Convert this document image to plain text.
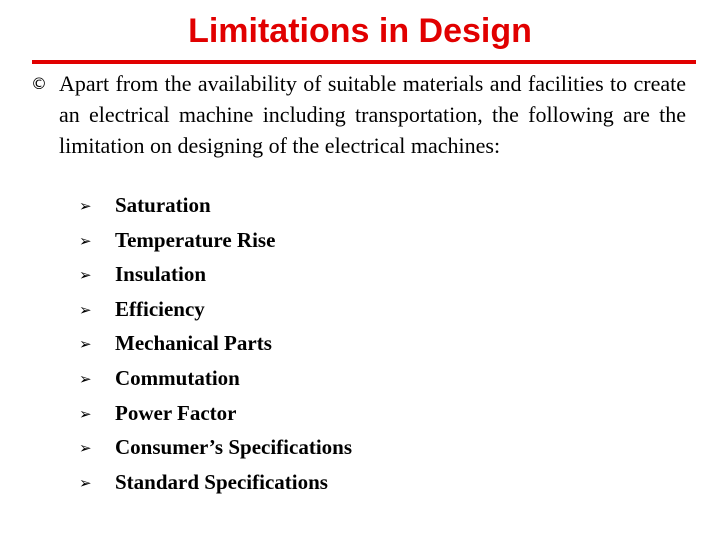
Limitations in Design
© Apart from the availability of suitable materials and facilities to create an electrical machine including transportation, the following are the limitation on designing of the electrical machines:

➢ Saturation
➢ Temperature Rise
➢ Insulation
➢ Efficiency
➢ Mechanical Parts
➢ Commutation
➢ Power Factor
➢ Consumer’s Specifications
➢ Standard Specifications
